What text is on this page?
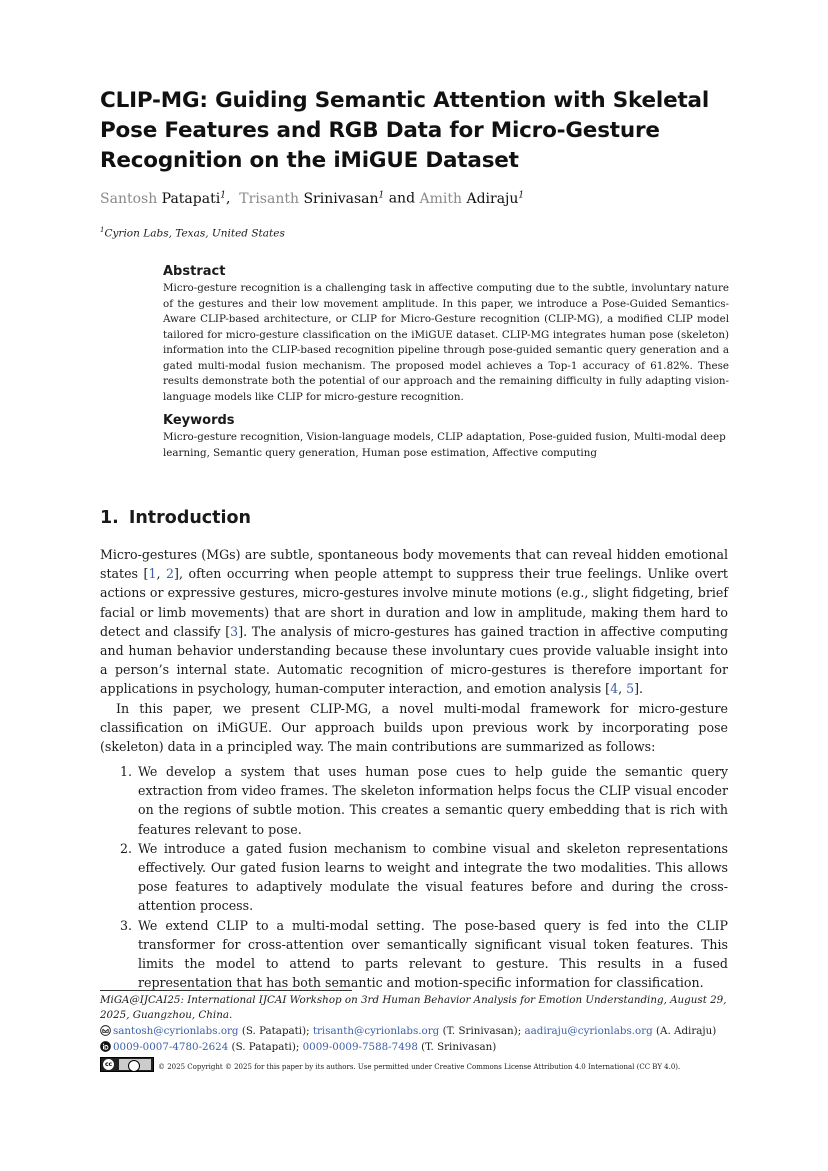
CLIP-MG: Guiding Semantic Attention with Skeletal Pose Features and RGB Data for Micro-Gesture Recognition on the iMiGUE Dataset
Santosh Patapati$^1$, Trisanth Srinivasan$^1$ and Amith Adiraju$^1$
$^1$Cyrion Labs, Texas, United States
Abstract
Micro-gesture recognition is a challenging task in affective computing due to the subtle, involuntary nature of the gestures and their low movement amplitude. In this paper, we introduce a Pose-Guided Semantics-Aware CLIP-based architecture, or CLIP for Micro-Gesture recognition (CLIP-MG), a modified CLIP model tailored for micro-gesture classification on the iMiGUE dataset. CLIP-MG integrates human pose (skeleton) information into the CLIP-based recognition pipeline through pose-guided semantic query generation and a gated multi-modal fusion mechanism. The proposed model achieves a Top-1 accuracy of 61.82%. These results demonstrate both the potential of our approach and the remaining difficulty in fully adapting vision-language models like CLIP for micro-gesture recognition.
Keywords
Micro-gesture recognition, Vision-language models, CLIP adaptation, Pose-guided fusion, Multi-modal deep learning, Semantic query generation, Human pose estimation, Affective computing
1. Introduction

Micro-gestures (MGs) are subtle, spontaneous body movements that can reveal hidden emotional states [1, 2], often occurring when people attempt to suppress their true feelings. Unlike overt actions or expressive gestures, micro-gestures involve minute motions (e.g., slight fidgeting, brief facial or limb movements) that are short in duration and low in amplitude, making them hard to detect and classify [3]. The analysis of micro-gestures has gained traction in affective computing and human behavior understanding because these involuntary cues provide valuable insight into a person’s internal state. Automatic recognition of micro-gestures is therefore important for applications in psychology, human-computer interaction, and emotion analysis [4, 5].

In this paper, we present CLIP-MG, a novel multi-modal framework for micro-gesture classification on iMiGUE. Our approach builds upon previous work by incorporating pose (skeleton) data in a principled way. The main contributions are summarized as follows:

1. We develop a system that uses human pose cues to help guide the semantic query extraction from video frames. The skeleton information helps focus the CLIP visual encoder on the regions of subtle motion. This creates a semantic query embedding that is rich with features relevant to pose.
2. We introduce a gated fusion mechanism to combine visual and skeleton representations effectively. Our gated fusion learns to weight and integrate the two modalities. This allows pose features to adaptively modulate the visual features before and during the cross-attention process.
3. We extend CLIP to a multi-modal setting. The pose-based query is fed into the CLIP transformer for cross-attention over semantically significant visual token features. This limits the model to attend to parts relevant to gesture. This results in a fused representation that has both semantic and motion-specific information for classification.
MiGA@IJCAI25: International IJCAI Workshop on 3rd Human Behavior Analysis for Emotion Understanding, August 29, 2025, Guangzhou, China.
santosh@cyrionlabs.org (S. Patapati); trisanth@cyrionlabs.org (T. Srinivasan); aadiraju@cyrionlabs.org (A. Adiraju)
0009-0007-4780-2624 (S. Patapati); 0009-0009-7588-7498 (T. Srinivasan)
cc	© 2025 Copyright © 2025 for this paper by its authors. Use permitted under Creative Commons License Attribution 4.0 International (CC BY 4.0).
